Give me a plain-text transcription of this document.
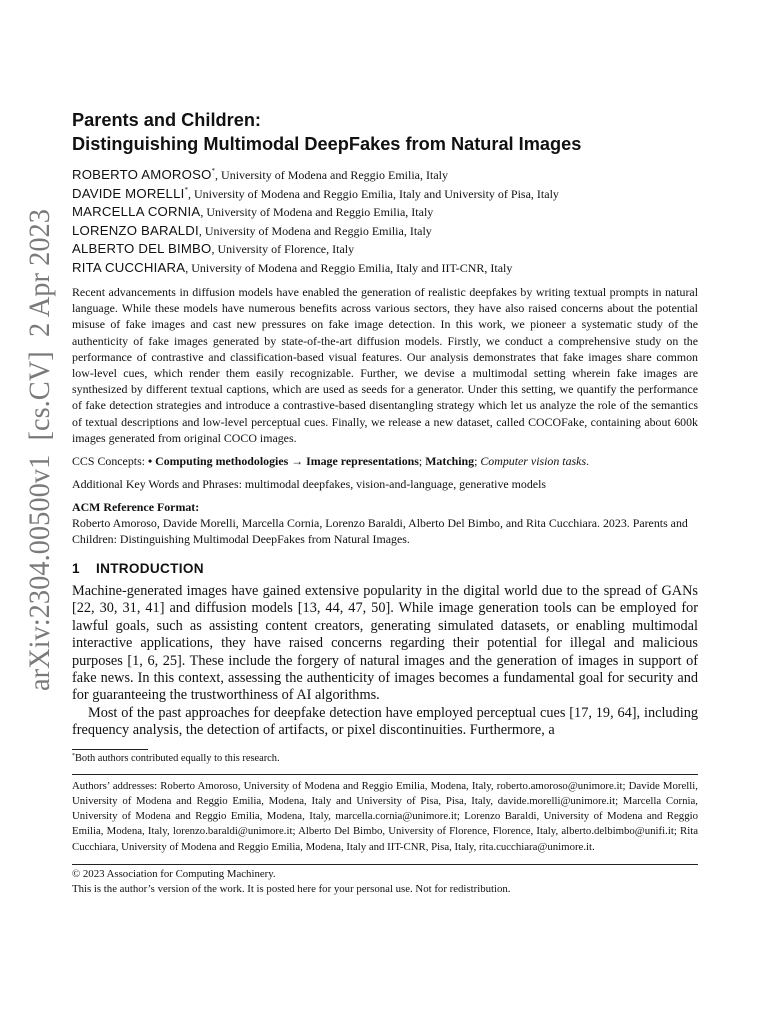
arXiv:2304.00500v1  [cs.CV]  2 Apr 2023
Parents and Children:
Distinguishing Multimodal DeepFakes from Natural Images
ROBERTO AMOROSO*, University of Modena and Reggio Emilia, Italy
DAVIDE MORELLI*, University of Modena and Reggio Emilia, Italy and University of Pisa, Italy
MARCELLA CORNIA, University of Modena and Reggio Emilia, Italy
LORENZO BARALDI, University of Modena and Reggio Emilia, Italy
ALBERTO DEL BIMBO, University of Florence, Italy
RITA CUCCHIARA, University of Modena and Reggio Emilia, Italy and IIT-CNR, Italy
Recent advancements in diffusion models have enabled the generation of realistic deepfakes by writing textual prompts in natural language. While these models have numerous benefits across various sectors, they have also raised concerns about the potential misuse of fake images and cast new pressures on fake image detection. In this work, we pioneer a systematic study of the authenticity of fake images generated by state-of-the-art diffusion models. Firstly, we conduct a comprehensive study on the performance of contrastive and classification-based visual features. Our analysis demonstrates that fake images share common low-level cues, which render them easily recognizable. Further, we devise a multimodal setting wherein fake images are synthesized by different textual captions, which are used as seeds for a generator. Under this setting, we quantify the performance of fake detection strategies and introduce a contrastive-based disentangling strategy which let us analyze the role of the semantics of textual descriptions and low-level perceptual cues. Finally, we release a new dataset, called COCOFake, containing about 600k images generated from original COCO images.
CCS Concepts: • Computing methodologies → Image representations; Matching; Computer vision tasks.
Additional Key Words and Phrases: multimodal deepfakes, vision-and-language, generative models
ACM Reference Format:
Roberto Amoroso, Davide Morelli, Marcella Cornia, Lorenzo Baraldi, Alberto Del Bimbo, and Rita Cucchiara. 2023. Parents and Children: Distinguishing Multimodal DeepFakes from Natural Images.
1 INTRODUCTION

Machine-generated images have gained extensive popularity in the digital world due to the spread of GANs [22, 30, 31, 41] and diffusion models [13, 44, 47, 50]. While image generation tools can be employed for lawful goals, such as assisting content creators, generating simulated datasets, or enabling multimodal interactive applications, they have raised concerns regarding their potential for illegal and malicious purposes [1, 6, 25]. These include the forgery of natural images and the generation of images in support of fake news. In this context, assessing the authenticity of images becomes a fundamental goal for security and for guaranteeing the trustworthiness of AI algorithms.

Most of the past approaches for deepfake detection have employed perceptual cues [17, 19, 64], including frequency analysis, the detection of artifacts, or pixel discontinuities. Furthermore, a

*Both authors contributed equally to this research.
Authors’ addresses: Roberto Amoroso, University of Modena and Reggio Emilia, Modena, Italy, roberto.amoroso@unimore.it; Davide Morelli, University of Modena and Reggio Emilia, Modena, Italy and University of Pisa, Pisa, Italy, davide.morelli@unimore.it; Marcella Cornia, University of Modena and Reggio Emilia, Modena, Italy, marcella.cornia@unimore.it; Lorenzo Baraldi, University of Modena and Reggio Emilia, Modena, Italy, lorenzo.baraldi@unimore.it; Alberto Del Bimbo, University of Florence, Florence, Italy, alberto.delbimbo@unifi.it; Rita Cucchiara, University of Modena and Reggio Emilia, Modena, Italy and IIT-CNR, Pisa, Italy, rita.cucchiara@unimore.it.
© 2023 Association for Computing Machinery.
This is the author’s version of the work. It is posted here for your personal use. Not for redistribution.
